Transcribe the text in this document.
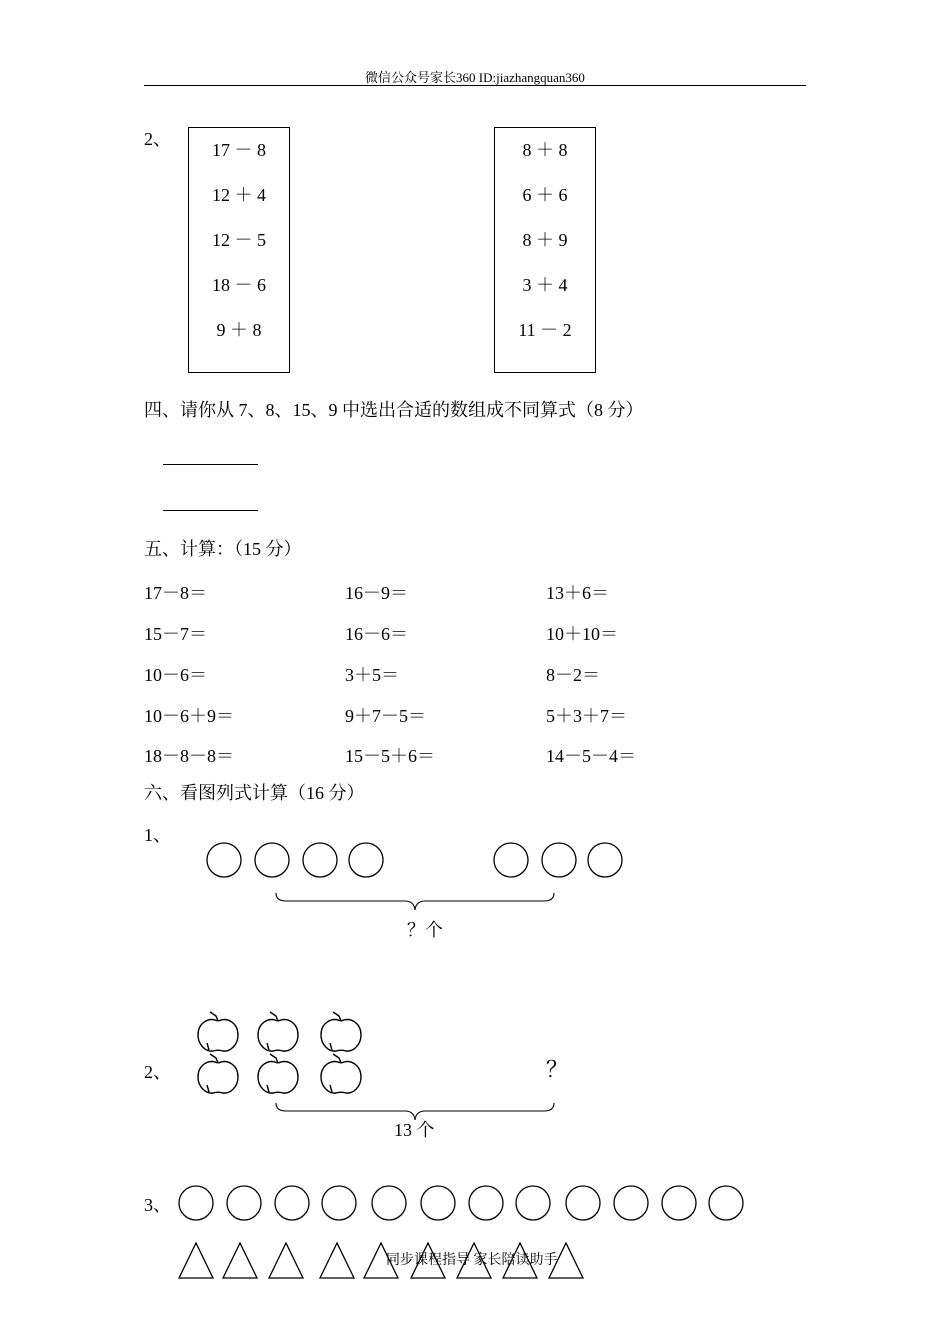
微信公众号家长360 ID:jiazhangquan360
2、
17 － 8
12 ＋ 4
12 － 5
18 － 6
9 ＋ 8
8 ＋ 8
6 ＋ 6
8 ＋ 9
3 ＋ 4
11 － 2
四、请你从 7、8、15、9 中选出合适的数组成不同算式（8 分）
五、计算：（15 分）
17－8＝	16－9＝	13＋6＝
15－7＝	16－6＝	10＋10＝
10－6＝	3＋5＝	8－2＝
10－6＋9＝	9＋7－5＝	5＋3＋7＝
18－8－8＝	15－5＋6＝	14－5－4＝
六、看图列式计算（16 分）
1、
？个
2、	？
13 个
3、
同步课程指导 家长陪读助手
